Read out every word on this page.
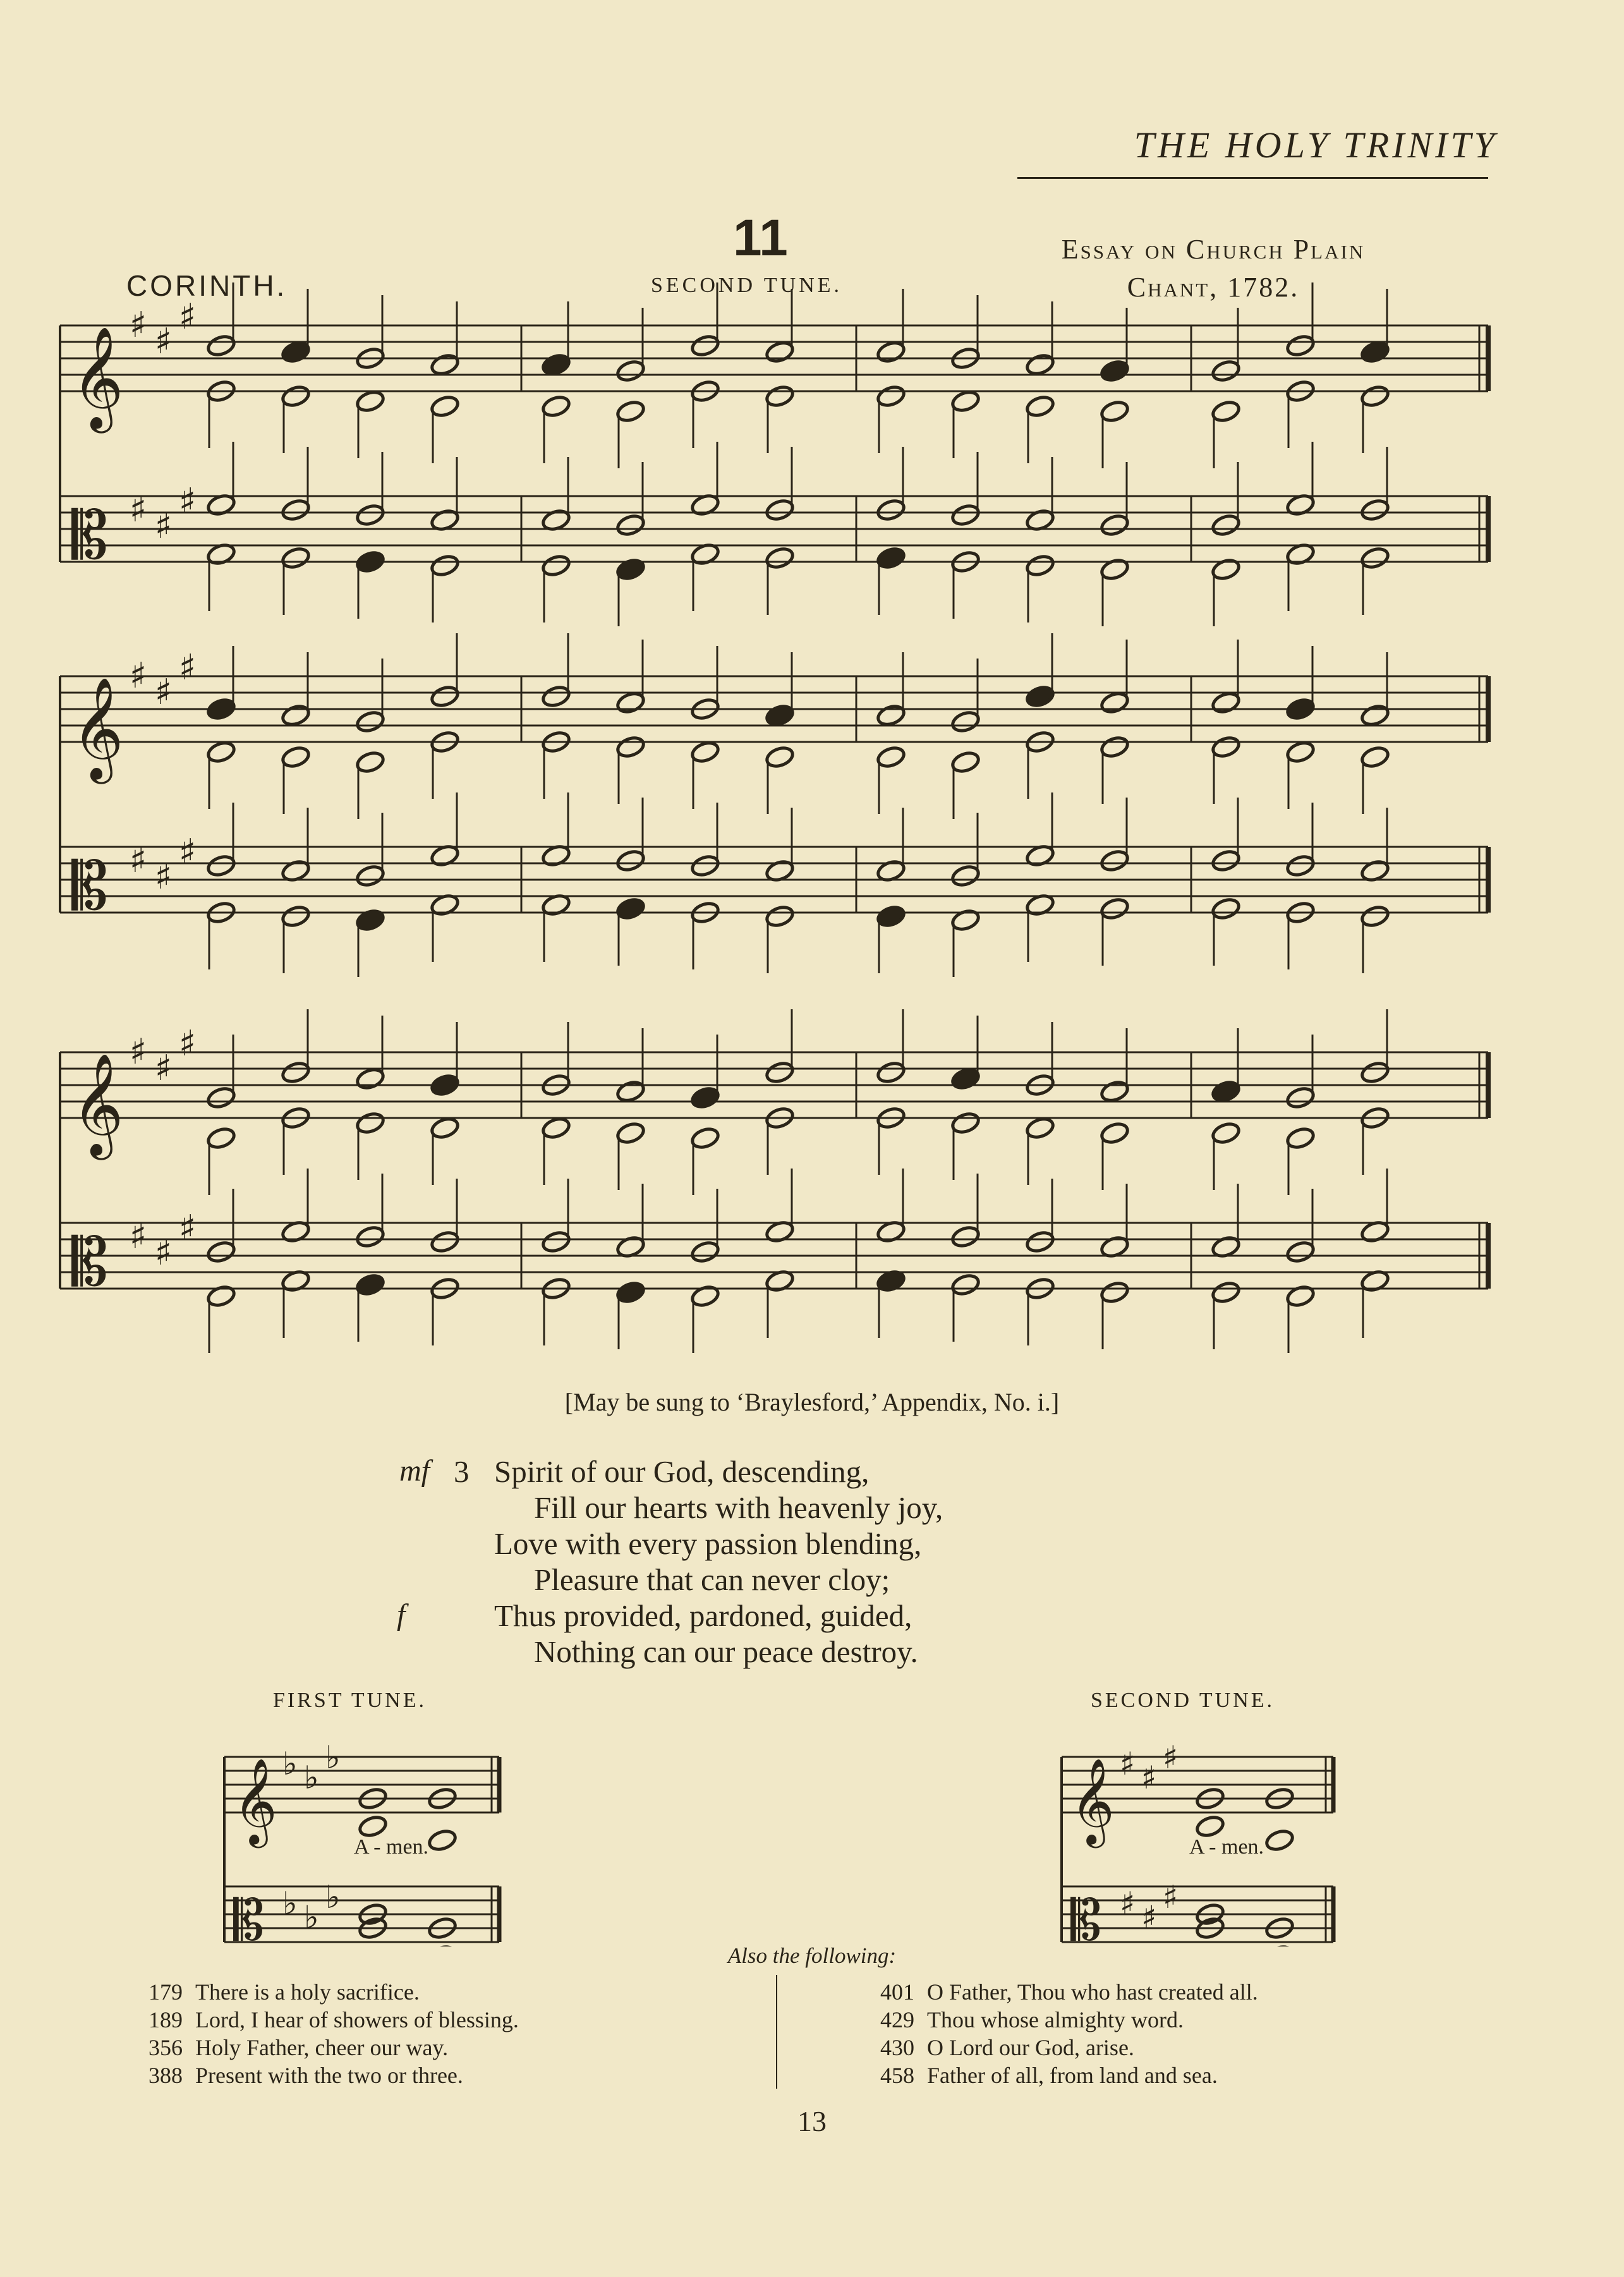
THE HOLY TRINITY
11
CORINTH.	SECOND TUNE.
Essay on Church Plain
Chant, 1782.
𝄞
𝄡
♯
♯
♯
♯
♯
♯
𝄞
𝄡
♯
♯
♯
♯
♯
♯
𝄞
𝄡
♯
♯
♯
♯
♯
♯
[May be sung to ‘Braylesford,’ Appendix, No. i.]
mf 3 Spirit of our God, descending,
Fill our hearts with heavenly joy,
Love with every passion blending,
Pleasure that can never cloy;
f	Thus provided, pardoned, guided,
Nothing can our peace destroy.
FIRST TUNE.	SECOND TUNE.
𝄞
𝄡
♭
♭
♭
♭
♭
♭
𝄞
𝄡
♯
♯
♯
♯
♯
♯
A - men.	A - men.
Also the following:
179 There is a holy sacrifice.
189 Lord, I hear of showers of blessing.
356 Holy Father, cheer our way.
388 Present with the two or three.
401 O Father, Thou who hast created all.
429 Thou whose almighty word.
430 O Lord our God, arise.
458 Father of all, from land and sea.
13
